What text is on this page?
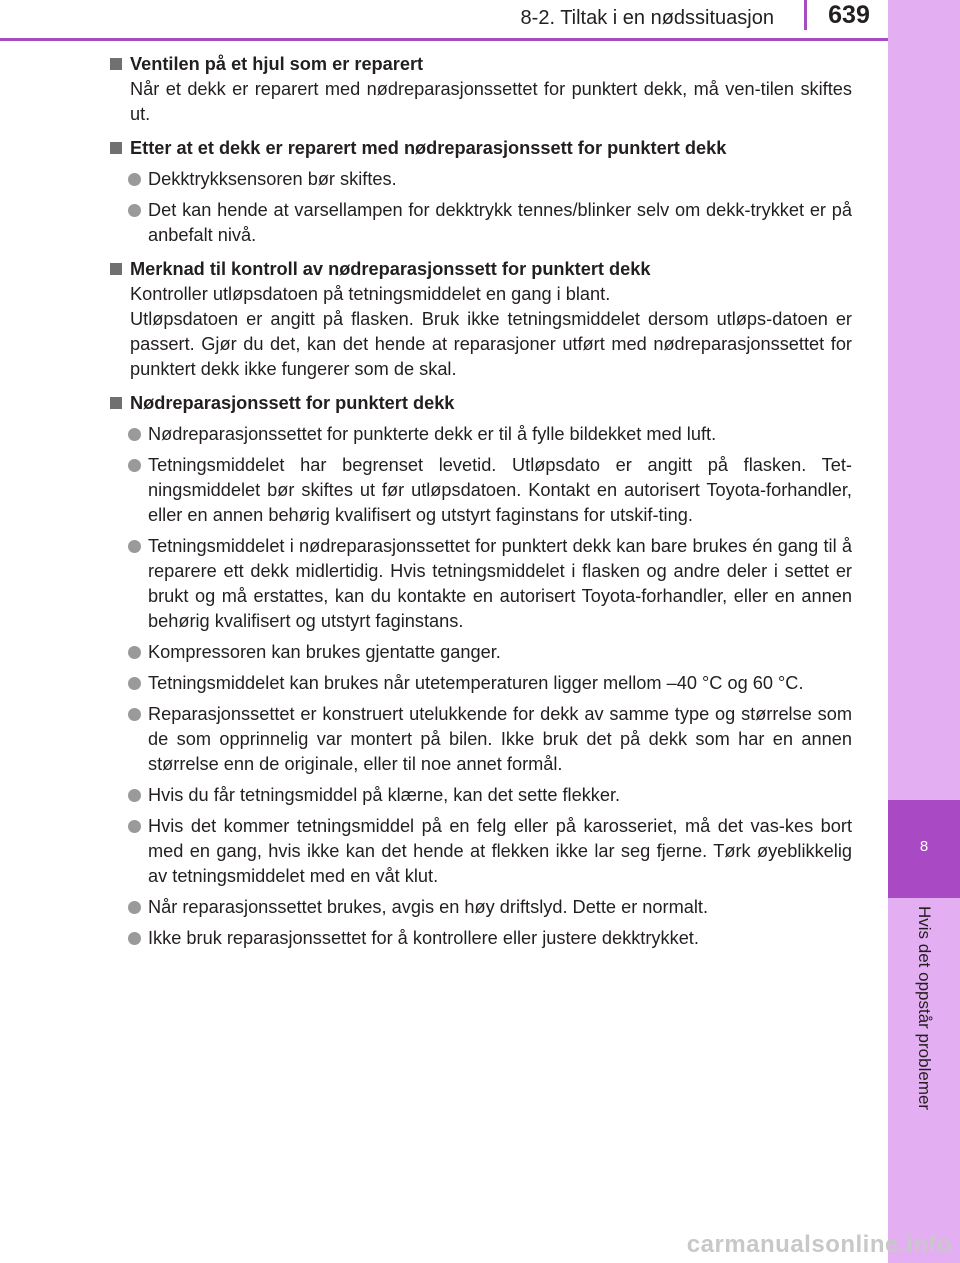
8-2. Tiltak i en nødssituasjon	639
8
Hvis det oppstår problemer
Ventilen på et hjul som er reparert
Når et dekk er reparert med nødreparasjonssettet for punktert dekk, må ven-tilen skiftes ut.
Etter at et dekk er reparert med nødreparasjonssett for punktert dekk
Dekktrykksensoren bør skiftes.
Det kan hende at varsellampen for dekktrykk tennes/blinker selv om dekk-trykket er på anbefalt nivå.
Merknad til kontroll av nødreparasjonssett for punktert dekk
Kontroller utløpsdatoen på tetningsmiddelet en gang i blant.
Utløpsdatoen er angitt på flasken. Bruk ikke tetningsmiddelet dersom utløps-datoen er passert. Gjør du det, kan det hende at reparasjoner utført med nødreparasjonssettet for punktert dekk ikke fungerer som de skal.
Nødreparasjonssett for punktert dekk
Nødreparasjonssettet for punkterte dekk er til å fylle bildekket med luft.
Tetningsmiddelet har begrenset levetid. Utløpsdato er angitt på flasken. Tet-ningsmiddelet bør skiftes ut før utløpsdatoen. Kontakt en autorisert Toyota-forhandler, eller en annen behørig kvalifisert og utstyrt faginstans for utskif-ting.
Tetningsmiddelet i nødreparasjonssettet for punktert dekk kan bare brukes én gang til å reparere ett dekk midlertidig. Hvis tetningsmiddelet i flasken og andre deler i settet er brukt og må erstattes, kan du kontakte en autorisert Toyota-forhandler, eller en annen behørig kvalifisert og utstyrt faginstans.
Kompressoren kan brukes gjentatte ganger.
Tetningsmiddelet kan brukes når utetemperaturen ligger mellom –40 °C og 60 °C.
Reparasjonssettet er konstruert utelukkende for dekk av samme type og størrelse som de som opprinnelig var montert på bilen. Ikke bruk det på dekk som har en annen størrelse enn de originale, eller til noe annet formål.
Hvis du får tetningsmiddel på klærne, kan det sette flekker.
Hvis det kommer tetningsmiddel på en felg eller på karosseriet, må det vas-kes bort med en gang, hvis ikke kan det hende at flekken ikke lar seg fjerne. Tørk øyeblikkelig av tetningsmiddelet med en våt klut.
Når reparasjonssettet brukes, avgis en høy driftslyd. Dette er normalt.
Ikke bruk reparasjonssettet for å kontrollere eller justere dekktrykket.
carmanualsonline.info
